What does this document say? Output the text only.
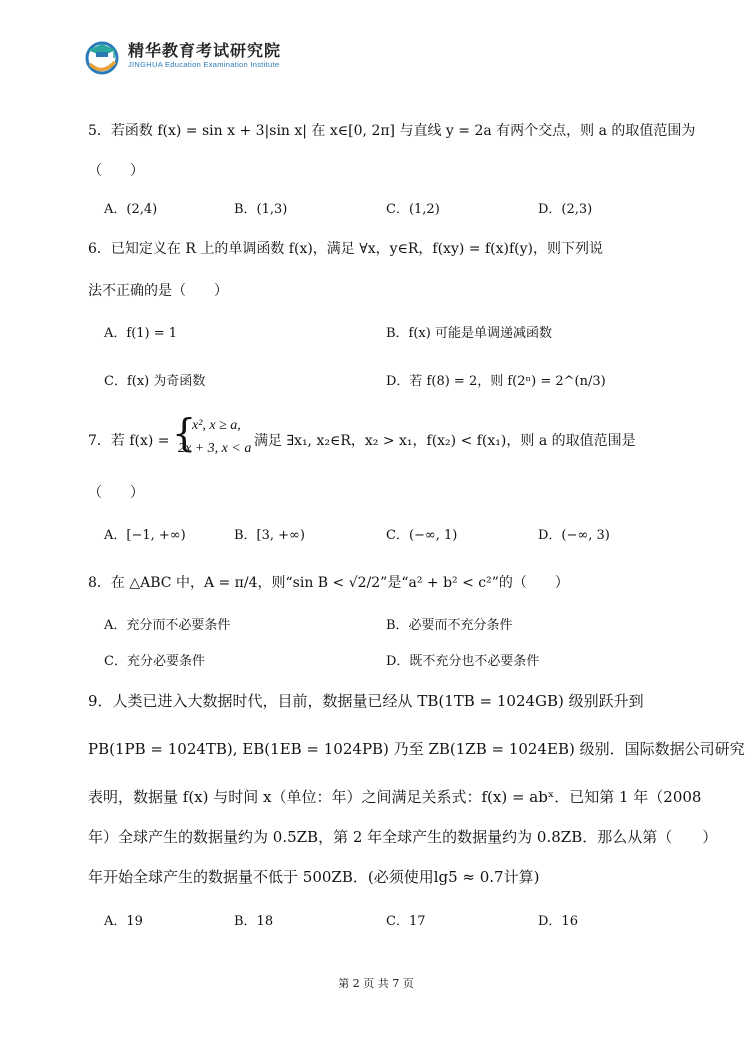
精华教育考试研究院
JINGHUA Education Examination Institute
5．若函数 f(x) = sin x + 3|sin x| 在 x∈[0, 2π] 与直线 y = 2a 有两个交点，则 a 的取值范围为
（　　）
A．(2,4)	B．(1,3)	C．(1,2)	D．(2,3)
6．已知定义在 R 上的单调函数 f(x)，满足 ∀x，y∈R，f(xy) = f(x)f(y)，则下列说
法不正确的是（　　）
A．f(1) = 1	B．f(x) 可能是单调递减函数
C．f(x) 为奇函数	D．若 f(8) = 2，则 f(2ⁿ) = 2^(n/3)
7．若 f(x) = {
x², x ≥ a,
2x + 3, x < a 满足 ∃x₁, x₂∈R，x₂ > x₁，f(x₂) < f(x₁)，则 a 的取值范围是
（　　）
A．[−1, +∞)	B．[3, +∞)	C．(−∞, 1)	D．(−∞, 3)
8．在 △ABC 中，A = π/4，则“sin B < √2/2”是“a² + b² < c²”的（　　）
A．充分而不必要条件	B．必要而不充分条件
C．充分必要条件	D．既不充分也不必要条件
9．人类已进入大数据时代，目前，数据量已经从 TB(1TB = 1024GB) 级别跃升到
PB(1PB = 1024TB), EB(1EB = 1024PB) 乃至 ZB(1ZB = 1024EB) 级别．国际数据公司研究
表明，数据量 f(x) 与时间 x（单位：年）之间满足关系式：f(x) = abˣ．已知第 1 年（2008
年）全球产生的数据量约为 0.5ZB，第 2 年全球产生的数据量约为 0.8ZB．那么从第（　　）
年开始全球产生的数据量不低于 500ZB．(必须使用lg5 ≈ 0.7计算)
A．19	B．18	C．17	D．16
第 2 页 共 7 页
